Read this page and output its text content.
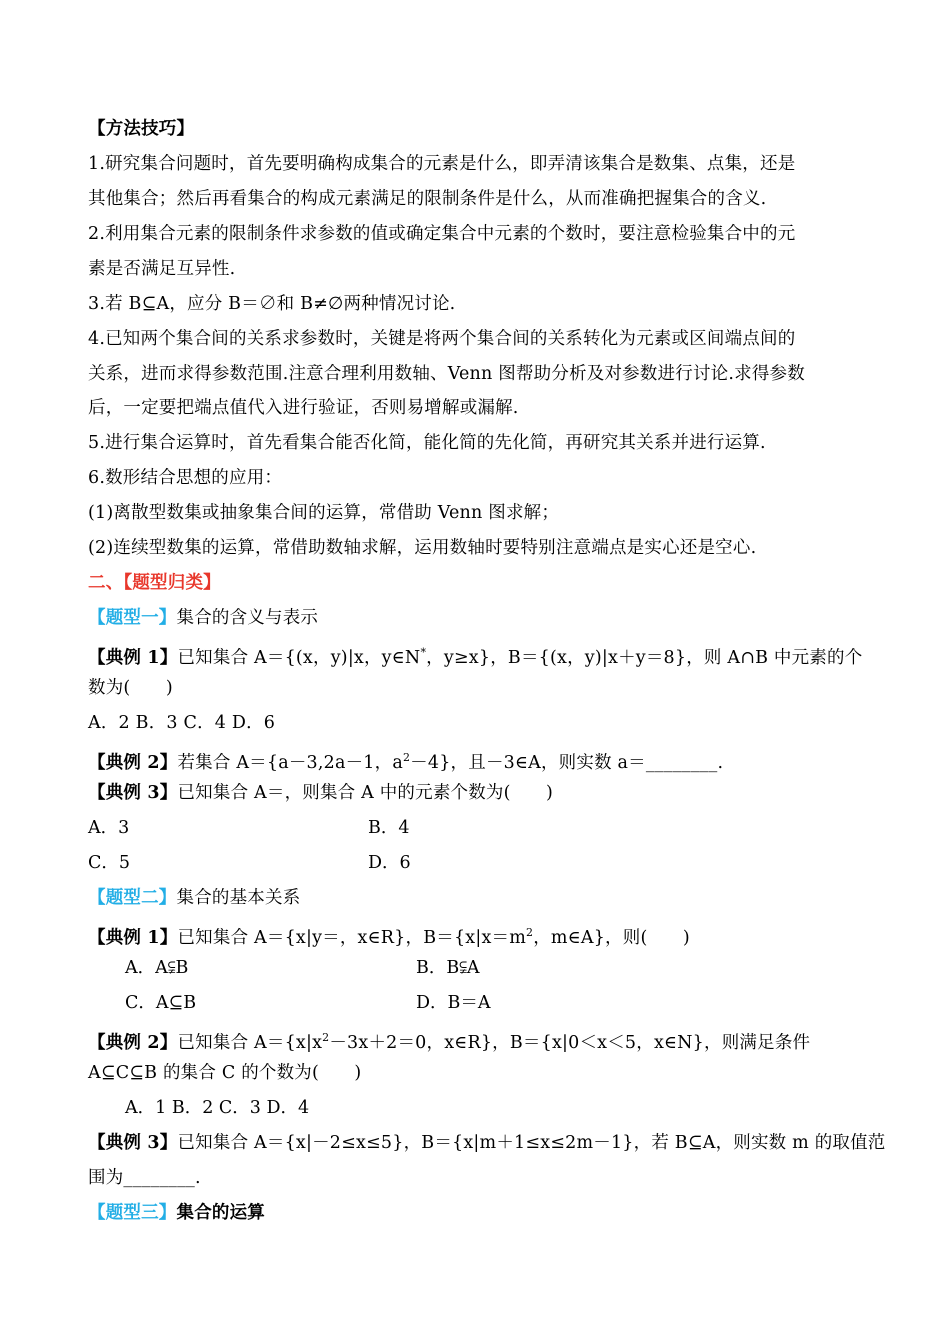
【方法技巧】
1.研究集合问题时，首先要明确构成集合的元素是什么，即弄清该集合是数集、点集，还是
其他集合；然后再看集合的构成元素满足的限制条件是什么，从而准确把握集合的含义.
2.利用集合元素的限制条件求参数的值或确定集合中元素的个数时，要注意检验集合中的元
素是否满足互异性.
3.若 B⊆A，应分 B＝∅和 B≠∅两种情况讨论.
4.已知两个集合间的关系求参数时，关键是将两个集合间的关系转化为元素或区间端点间的
关系，进而求得参数范围.注意合理利用数轴、Venn 图帮助分析及对参数进行讨论.求得参数
后，一定要把端点值代入进行验证，否则易增解或漏解.
5.进行集合运算时，首先看集合能否化简，能化简的先化简，再研究其关系并进行运算.
6.数形结合思想的应用：
(1)离散型数集或抽象集合间的运算，常借助 Venn 图求解；
(2)连续型数集的运算，常借助数轴求解，运用数轴时要特别注意端点是实心还是空心.
二、【题型归类】
【题型一】集合的含义与表示
【典例 1】已知集合 A＝{(x，y)|x，y∈N*，y≥x}，B＝{(x，y)|x＋y＝8}，则 A∩B 中元素的个
数为(　　)
A．2 B．3 C．4 D．6
【典例 2】若集合 A＝{a－3,2a－1，$a^2-4$}，且－3∈A，则实数 a＝________.
【典例 3】已知集合 A＝，则集合 A 中的元素个数为(　　)
A．3	B．4
C．5	D．6
【题型二】集合的基本关系
【典例 1】已知集合 A＝{x|y＝，x∈R}，$B=\{x|x=m^2$，m∈A}，则(　　)
A．A⫋B	B．B⫋A
C．A⊆B	D．B＝A
【典例 2】已知集合 $A=\{x|x^2-3x+2=0$，x∈R}，B＝{x|0＜x＜5，x∈N}，则满足条件
A⊆C⊆B 的集合 C 的个数为(　　)
A．1 B．2 C．3 D．4
【典例 3】已知集合 A＝{x|－2≤x≤5}，B＝{x|m＋1≤x≤2m－1}，若 B⊆A，则实数 m 的取值范
围为________.
【题型三】集合的运算
